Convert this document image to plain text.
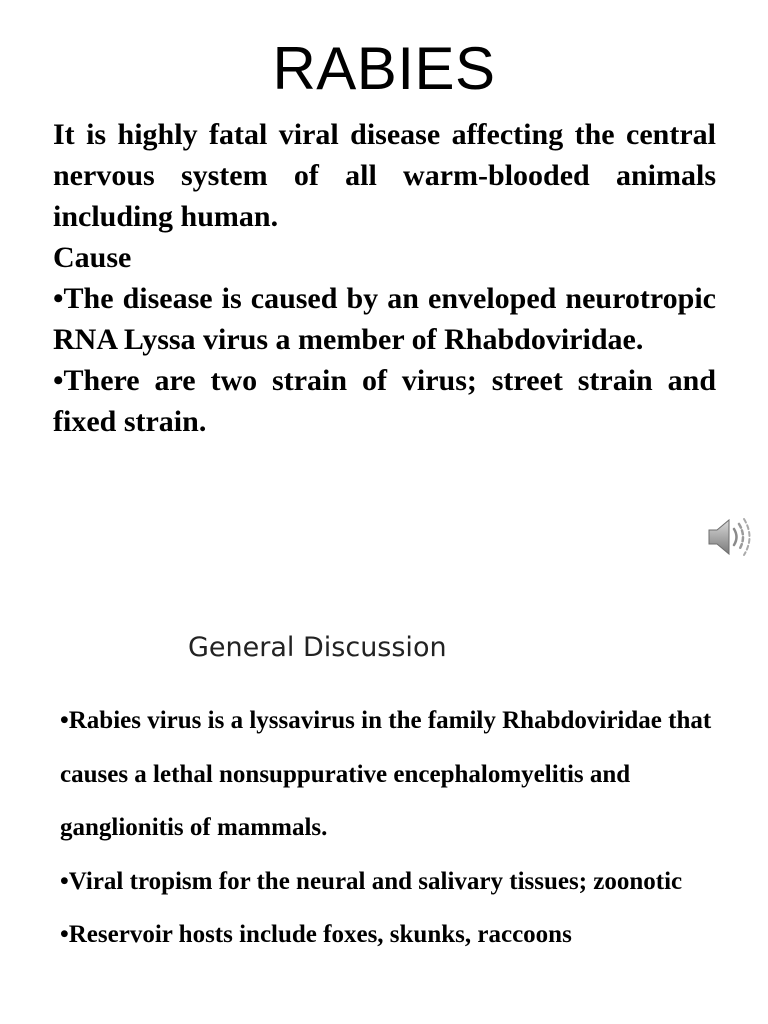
RABIES

It is highly fatal viral disease affecting the central nervous system of all warm-blooded animals including human.

Cause

•The disease is caused by an enveloped neurotropic RNA Lyssa virus a member of Rhabdoviridae.

•There are two strain of virus; street strain and fixed strain.

General Discussion

•Rabies virus is a lyssavirus in the family Rhabdoviridae that causes a lethal nonsuppurative encephalomyelitis and ganglionitis of mammals.

•Viral tropism for the neural and salivary tissues; zoonotic

•Reservoir hosts include foxes, skunks, raccoons
